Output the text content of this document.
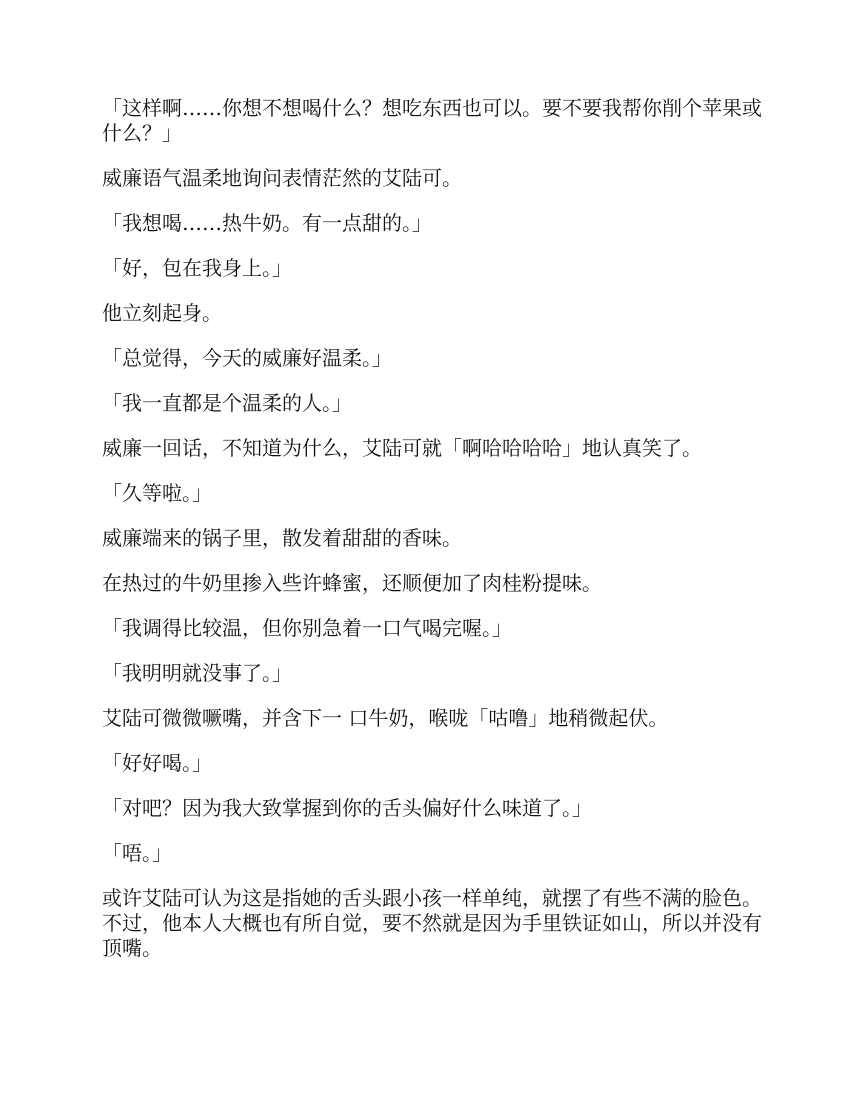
「这样啊……你想不想喝什么？想吃东西也可以。要不要我帮你削个苹果或什么？」

威廉语气温柔地询问表情茫然的艾陆可。

「我想喝……热牛奶。有一点甜的。」

「好，包在我身上。」

他立刻起身。

「总觉得，今天的威廉好温柔。」

「我一直都是个温柔的人。」

威廉一回话，不知道为什么，艾陆可就「啊哈哈哈哈」地认真笑了。

「久等啦。」

威廉端来的锅子里，散发着甜甜的香味。

在热过的牛奶里掺入些许蜂蜜，还顺便加了肉桂粉提味。

「我调得比较温，但你别急着一口气喝完喔。」

「我明明就没事了。」

艾陆可微微噘嘴，并含下一 口牛奶，喉咙「咕噜」地稍微起伏。

「好好喝。」

「对吧？因为我大致掌握到你的舌头偏好什么味道了。」

「唔。」

或许艾陆可认为这是指她的舌头跟小孩一样单纯，就摆了有些不满的脸色。不过，他本人大概也有所自觉，要不然就是因为手里铁证如山，所以并没有顶嘴。
